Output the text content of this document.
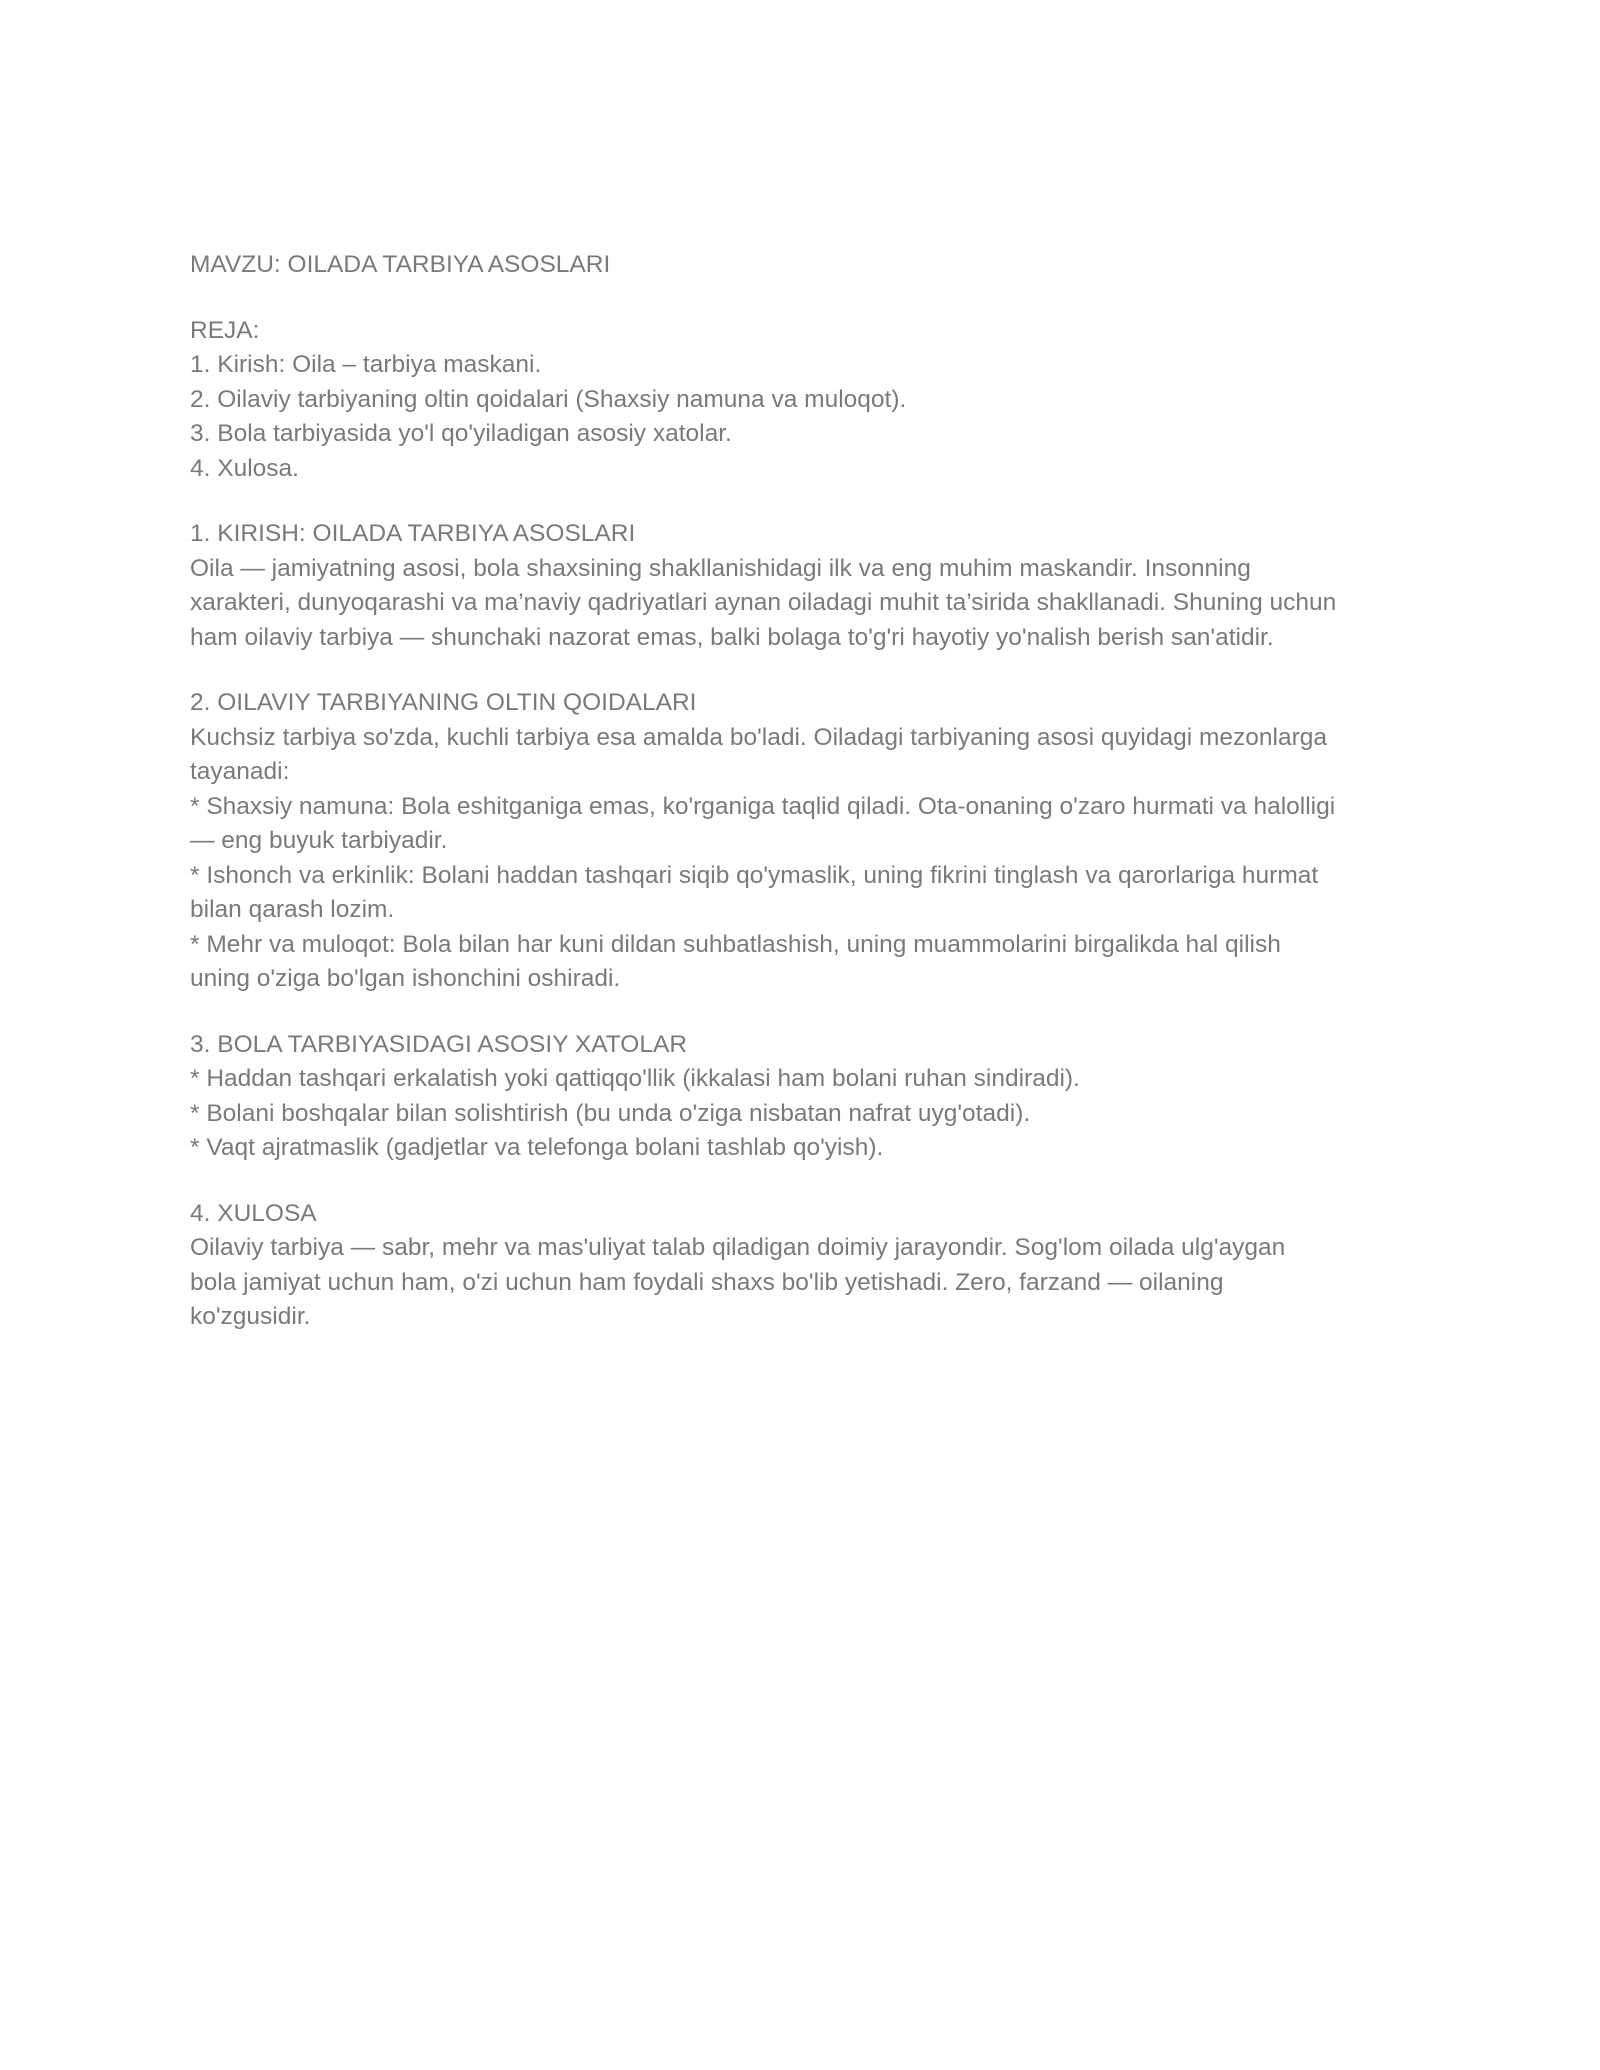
MAVZU: OILADA TARBIYA ASOSLARI

REJA:

1. Kirish: Oila – tarbiya maskani.

2. Oilaviy tarbiyaning oltin qoidalari (Shaxsiy namuna va muloqot).

3. Bola tarbiyasida yo'l qo'yiladigan asosiy xatolar.

4. Xulosa.

1. KIRISH: OILADA TARBIYA ASOSLARI

Oila — jamiyatning asosi, bola shaxsining shakllanishidagi ilk va eng muhim maskandir. Insonning

xarakteri, dunyoqarashi va ma’naviy qadriyatlari aynan oiladagi muhit ta’sirida shakllanadi. Shuning uchun

ham oilaviy tarbiya — shunchaki nazorat emas, balki bolaga to'g'ri hayotiy yo'nalish berish san'atidir.

2. OILAVIY TARBIYANING OLTIN QOIDALARI

Kuchsiz tarbiya so'zda, kuchli tarbiya esa amalda bo'ladi. Oiladagi tarbiyaning asosi quyidagi mezonlarga

tayanadi:

* Shaxsiy namuna: Bola eshitganiga emas, ko'rganiga taqlid qiladi. Ota-onaning o'zaro hurmati va halolligi

— eng buyuk tarbiyadir.

* Ishonch va erkinlik: Bolani haddan tashqari siqib qo'ymaslik, uning fikrini tinglash va qarorlariga hurmat

bilan qarash lozim.

* Mehr va muloqot: Bola bilan har kuni dildan suhbatlashish, uning muammolarini birgalikda hal qilish

uning o'ziga bo'lgan ishonchini oshiradi.

3. BOLA TARBIYASIDAGI ASOSIY XATOLAR

* Haddan tashqari erkalatish yoki qattiqqo'llik (ikkalasi ham bolani ruhan sindiradi).

* Bolani boshqalar bilan solishtirish (bu unda o'ziga nisbatan nafrat uyg'otadi).

* Vaqt ajratmaslik (gadjetlar va telefonga bolani tashlab qo'yish).

4. XULOSA

Oilaviy tarbiya — sabr, mehr va mas'uliyat talab qiladigan doimiy jarayondir. Sog'lom oilada ulg'aygan

bola jamiyat uchun ham, o'zi uchun ham foydali shaxs bo'lib yetishadi. Zero, farzand — oilaning

ko'zgusidir.
